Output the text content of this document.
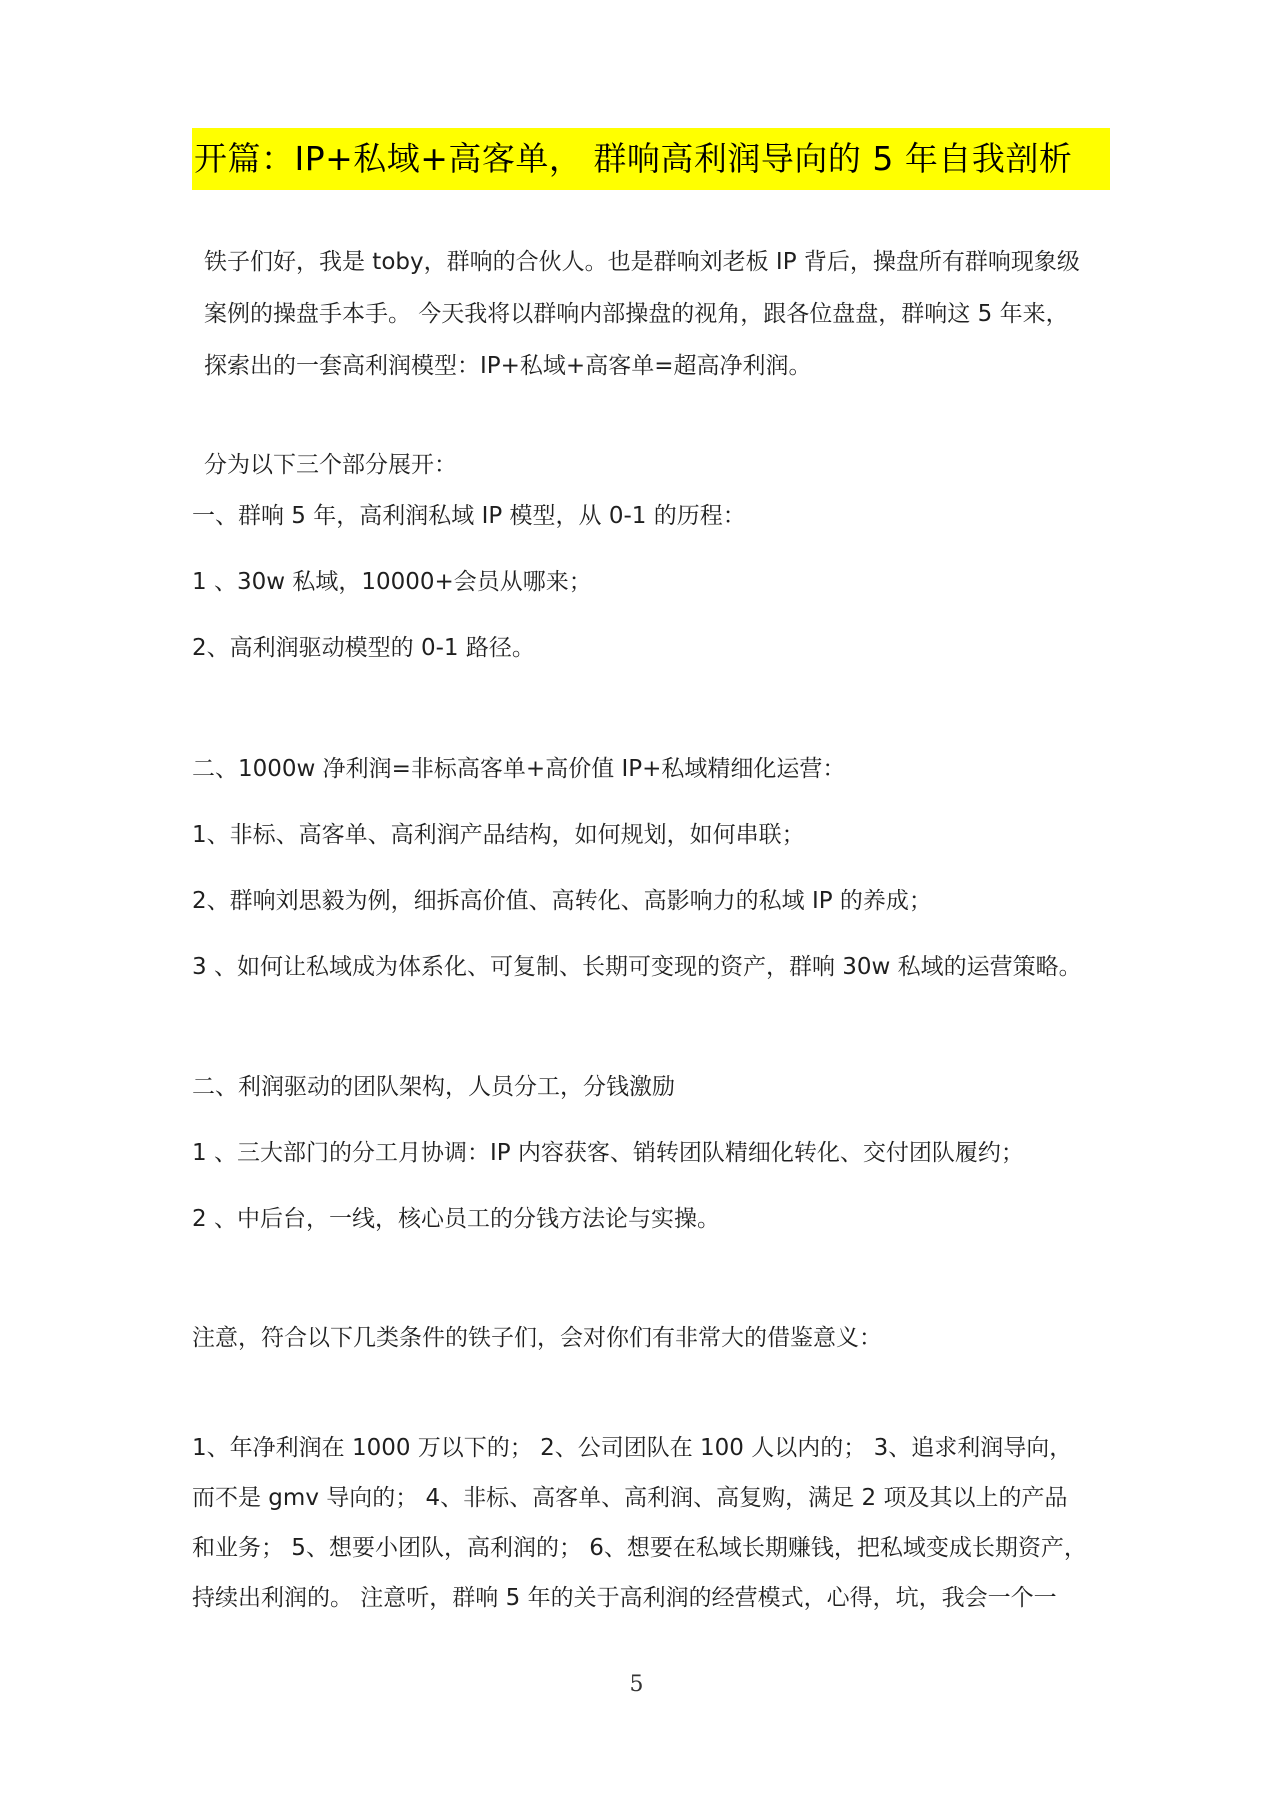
开篇：IP+私域+高客单， 群响高利润导向的 5 年自我剖析
铁子们好，我是 toby，群响的合伙人。也是群响刘老板 IP 背后，操盘所有群响现象级
案例的操盘手本手。 今天我将以群响内部操盘的视角，跟各位盘盘，群响这 5 年来，
探索出的一套高利润模型：IP+私域+高客单=超高净利润。
分为以下三个部分展开：
一、群响 5 年，高利润私域 IP 模型，从 0-1 的历程：
1 、30w 私域，10000+会员从哪来；
2、高利润驱动模型的 0-1 路径。
二、1000w 净利润=非标高客单+高价值 IP+私域精细化运营：
1、非标、高客单、高利润产品结构，如何规划，如何串联；
2、群响刘思毅为例，细拆高价值、高转化、高影响力的私域 IP 的养成；
3 、如何让私域成为体系化、可复制、长期可变现的资产，群响 30w 私域的运营策略。
二、利润驱动的团队架构，人员分工，分钱激励
1 、三大部门的分工月协调：IP 内容获客、销转团队精细化转化、交付团队履约；
2 、中后台，一线，核心员工的分钱方法论与实操。
注意，符合以下几类条件的铁子们，会对你们有非常大的借鉴意义：
1、年净利润在 1000 万以下的； 2、公司团队在 100 人以内的； 3、追求利润导向，
而不是 gmv 导向的； 4、非标、高客单、高利润、高复购，满足 2 项及其以上的产品
和业务； 5、想要小团队，高利润的； 6、想要在私域长期赚钱，把私域变成长期资产，
持续出利润的。 注意听，群响 5 年的关于高利润的经营模式，心得，坑，我会一个一
5
